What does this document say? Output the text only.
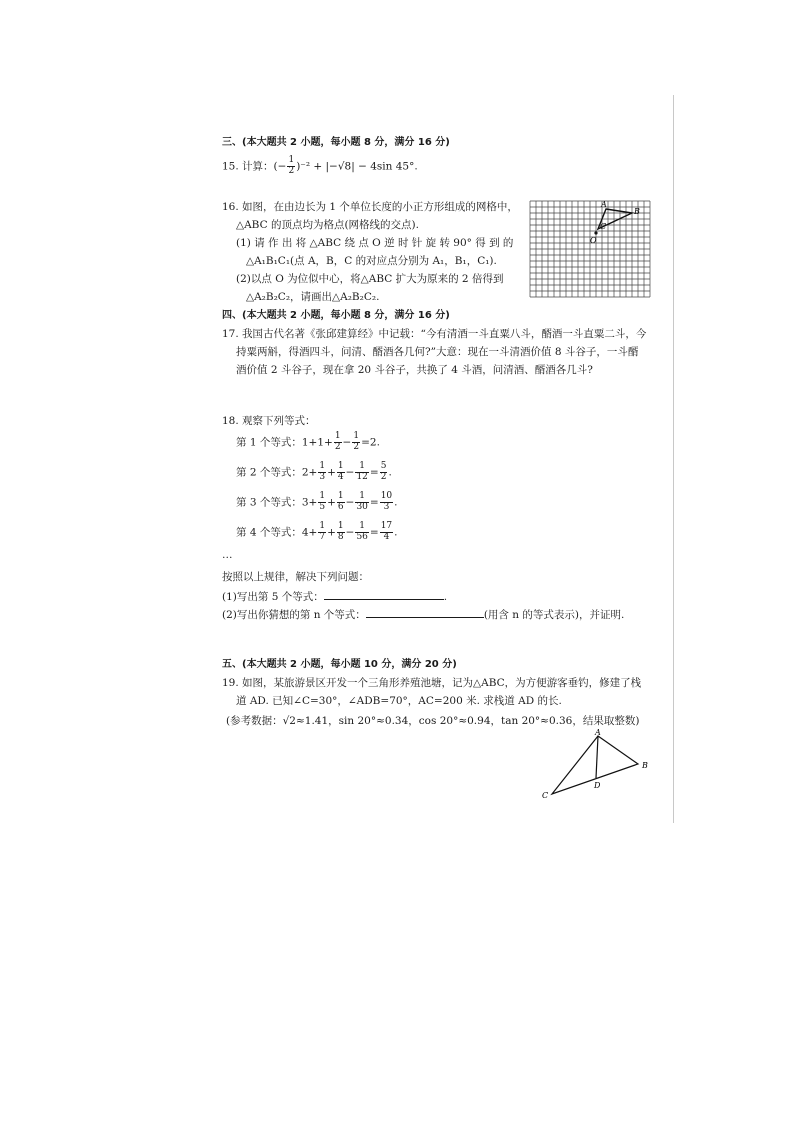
三、(本大题共 2 小题，每小题 8 分，满分 16 分)
15. 计算：(− $\frac{1}{2} )^{-2} + |-√8| - 4\sin$ 45°.
16. 如图，在由边长为 1 个单位长度的小正方形组成的网格中，
△ABC 的顶点均为格点(网格线的交点).
(1) 请 作 出 将 △ABC 绕 点 O 逆 时 针 旋 转 90° 得 到 的
△A₁B₁C₁(点 A，B，C 的对应点分别为 A₁，B₁，C₁).
(2)以点 O 为位似中心，将△ABC 扩大为原来的 2 倍得到
△A₂B₂C₂，请画出△A₂B₂C₂.
A
B
C
O
四、(本大题共 2 小题，每小题 8 分，满分 16 分)
17. 我国古代名著《张邱建算经》中记载：“今有清酒一斗直粟八斗，醑酒一斗直粟二斗，今
持粟两斛，得酒四斗，问清、醑酒各几何?”大意：现在一斗清酒价值 8 斗谷子，一斗醑
酒价值 2 斗谷子，现在拿 20 斗谷子，共换了 4 斗酒，问清酒、醑酒各几斗?
18. 观察下列等式：
第 1 个等式：$1+1+ \frac{1}{2} - \frac{1}{2} =2$.
第 2 个等式：$2+ \frac{1}{3} + \frac{1}{4} - \frac{1}{12} = \frac{5}{2}$ .
第 3 个等式：$3+ \frac{1}{5} + \frac{1}{6} - \frac{1}{30} = \frac{10}{3}$ .
第 4 个等式：$4+ \frac{1}{7} + \frac{1}{8} - \frac{1}{56} = \frac{17}{4}$ .
…
按照以上规律，解决下列问题：
(1)写出第 5 个等式：	.
(2)写出你猜想的第 n 个等式：	(用含 n 的等式表示)，并证明.
五、(本大题共 2 小题，每小题 10 分，满分 20 分)
19. 如图，某旅游景区开发一个三角形养殖池塘，记为△ABC，为方便游客垂钓，修建了栈
道 AD. 已知∠C=30°，∠ADB=70°，AC=200 米. 求栈道 AD 的长.
(参考数据：√2≈1.41，sin 20°≈0.34，cos 20°≈0.94，tan 20°≈0.36，结果取整数)
A
B
C
D
